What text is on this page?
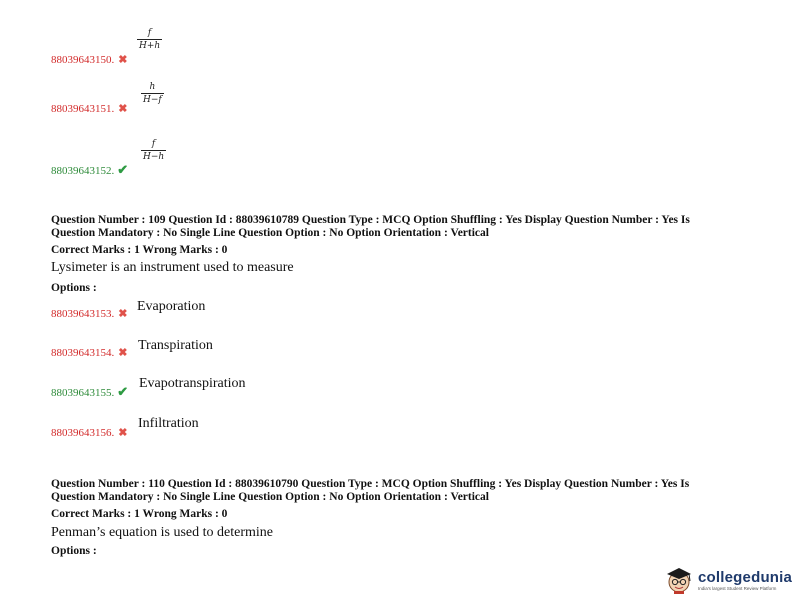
f
H+h
88039643150. ✖
h
H−f
88039643151. ✖
f
H−h
88039643152. ✔
Question Number : 109 Question Id : 88039610789 Question Type : MCQ Option Shuffling : Yes Display Question Number : Yes Is
Question Mandatory : No Single Line Question Option : No Option Orientation : Vertical
Correct Marks : 1 Wrong Marks : 0
Lysimeter is an instrument used to measure
Options :
88039643153. ✖ Evaporation
88039643154. ✖ Transpiration
88039643155. ✔
Evapotranspiration
88039643156. ✖
Infiltration
Question Number : 110 Question Id : 88039610790 Question Type : MCQ Option Shuffling : Yes Display Question Number : Yes Is
Question Mandatory : No Single Line Question Option : No Option Orientation : Vertical
Correct Marks : 1 Wrong Marks : 0
Penman’s equation is used to determine
Options :
collegedunia
India's largest Student Review Platform
